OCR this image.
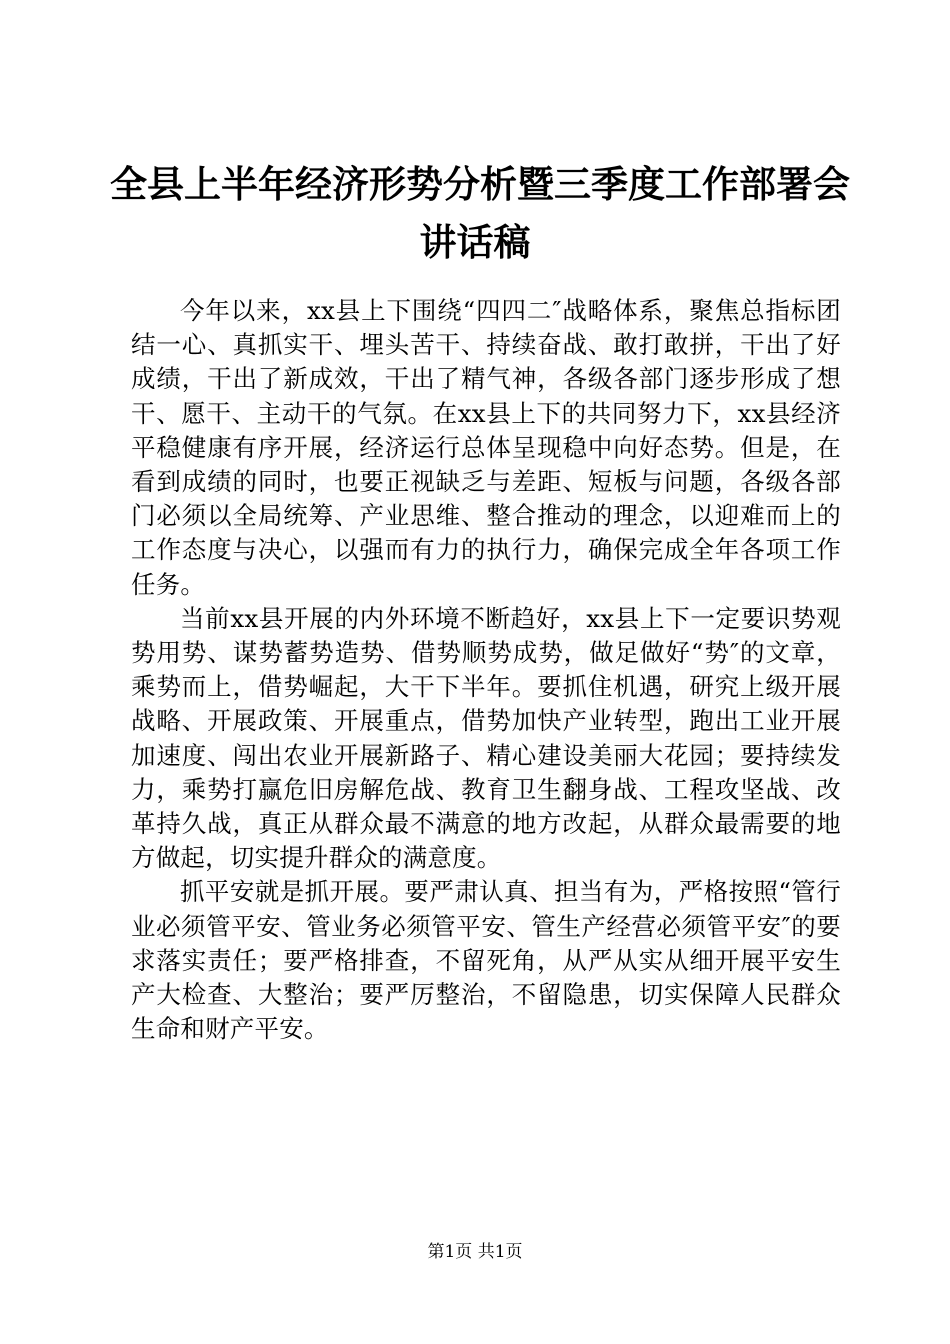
全县上半年经济形势分析暨三季度工作部署会
讲话稿

今年以来，xx县上下围绕“四四二″战略体系，聚焦总指标团结一心、真抓实干、埋头苦干、持续奋战、敢打敢拼，干出了好成绩，干出了新成效，干出了精气神，各级各部门逐步形成了想干、愿干、主动干的气氛。在xx县上下的共同努力下，xx县经济平稳健康有序开展，经济运行总体呈现稳中向好态势。但是，在看到成绩的同时，也要正视缺乏与差距、短板与问题，各级各部门必须以全局统筹、产业思维、整合推动的理念，以迎难而上的工作态度与决心，以强而有力的执行力，确保完成全年各项工作任务。

当前xx县开展的内外环境不断趋好，xx县上下一定要识势观势用势、谋势蓄势造势、借势顺势成势，做足做好“势″的文章，乘势而上，借势崛起，大干下半年。要抓住机遇，研究上级开展战略、开展政策、开展重点，借势加快产业转型，跑出工业开展加速度、闯出农业开展新路子、精心建设美丽大花园；要持续发力，乘势打赢危旧房解危战、教育卫生翻身战、工程攻坚战、改革持久战，真正从群众最不满意的地方改起，从群众最需要的地方做起，切实提升群众的满意度。

抓平安就是抓开展。要严肃认真、担当有为，严格按照“管行业必须管平安、管业务必须管平安、管生产经营必须管平安″的要求落实责任；要严格排查，不留死角，从严从实从细开展平安生产大检查、大整治；要严厉整治，不留隐患，切实保障人民群众生命和财产平安。

第1页 共1页
